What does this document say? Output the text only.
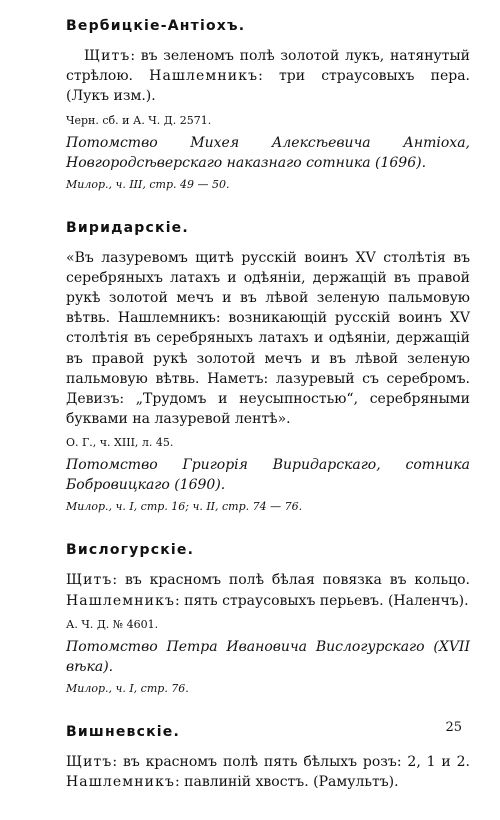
Вербицкіе-Антіохъ.

Щитъ: въ зеленомъ полѣ золотой лукъ, натянутый стрѣлою. Нашлемникъ: три страусовыхъ пера. (Лукъ изм.).

Черн. сб. и А. Ч. Д. 2571.

Потомство Михея Алексѣевича Антіоха, Новгородсѣверскаго наказнаго сотника (1696).

Милор., ч. III, стр. 49 — 50.
Виридарскіе.

«Въ лазуревомъ щитѣ русскій воинъ XV столѣтія въ серебряныхъ латахъ и одѣяніи, держащій въ правой рукѣ золотой мечъ и въ лѣвой зеленую пальмовую вѣтвь. Нашлемникъ: возникающій русскій воинъ XV столѣтія въ серебряныхъ латахъ и одѣяніи, держащій въ правой рукѣ золотой мечъ и въ лѣвой зеленую пальмовую вѣтвь. Наметъ: лазуревый съ серебромъ. Девизъ: „Трудомъ и неусыпностью“, серебряными буквами на лазуревой лентѣ».

О. Г., ч. XIII, л. 45.

Потомство Григорія Виридарскаго, сотника Бобровицкаго (1690).

Милор., ч. I, стр. 16; ч. II, стр. 74 — 76.
Вислогурскіе.

Щитъ: въ красномъ полѣ бѣлая повязка въ кольцо. Нашлемникъ: пять страусовыхъ перьевъ. (Наленчъ).

А. Ч. Д. № 4601.

Потомство Петра Ивановича Вислогурскаго (XVII вѣка).

Милор., ч. I, стр. 76.
Вишневскіе.

Щитъ: въ красномъ полѣ пять бѣлыхъ розъ: 2, 1 и 2. Нашлемникъ: павлиній хвостъ. (Рамультъ).

25
